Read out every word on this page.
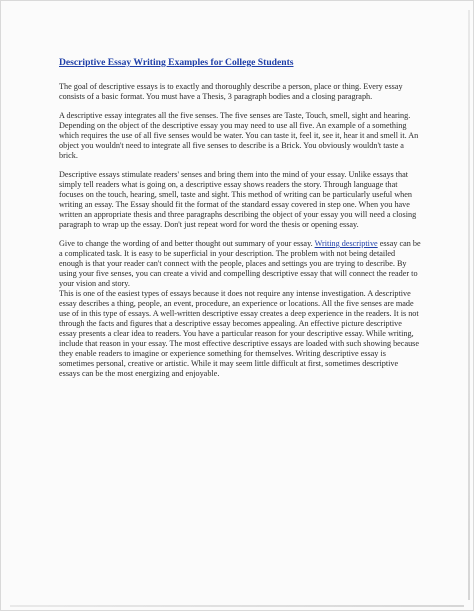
Descriptive Essay Writing Examples for College Students

The goal of descriptive essays is to exactly and thoroughly describe a person, place or thing. Every essay consists of a basic format. You must have a Thesis, 3 paragraph bodies and a closing paragraph.

A descriptive essay integrates all the five senses. The five senses are Taste, Touch, smell, sight and hearing. Depending on the object of the descriptive essay you may need to use all five. An example of a something which requires the use of all five senses would be water. You can taste it, feel it, see it, hear it and smell it. An object you wouldn't need to integrate all five senses to describe is a Brick. You obviously wouldn't taste a brick.

Descriptive essays stimulate readers' senses and bring them into the mind of your essay. Unlike essays that simply tell readers what is going on, a descriptive essay shows readers the story. Through language that focuses on the touch, hearing, smell, taste and sight. This method of writing can be particularly useful when writing an essay. The Essay should fit the format of the standard essay covered in step one. When you have written an appropriate thesis and three paragraphs describing the object of your essay you will need a closing paragraph to wrap up the essay. Don't just repeat word for word the thesis or opening essay.

Give to change the wording of and better thought out summary of your essay. Writing descriptive essay can be a complicated task. It is easy to be superficial in your description. The problem with not being detailed enough is that your reader can't connect with the people, places and settings you are trying to describe. By using your five senses, you can create a vivid and compelling descriptive essay that will connect the reader to your vision and story.
This is one of the easiest types of essays because it does not require any intense investigation. A descriptive essay describes a thing, people, an event, procedure, an experience or locations. All the five senses are made use of in this type of essays. A well-written descriptive essay creates a deep experience in the readers. It is not through the facts and figures that a descriptive essay becomes appealing. An effective picture descriptive essay presents a clear idea to readers. You have a particular reason for your descriptive essay. While writing, include that reason in your essay. The most effective descriptive essays are loaded with such showing because they enable readers to imagine or experience something for themselves. Writing descriptive essay is sometimes personal, creative or artistic. While it may seem little difficult at first, sometimes descriptive essays can be the most energizing and enjoyable.
